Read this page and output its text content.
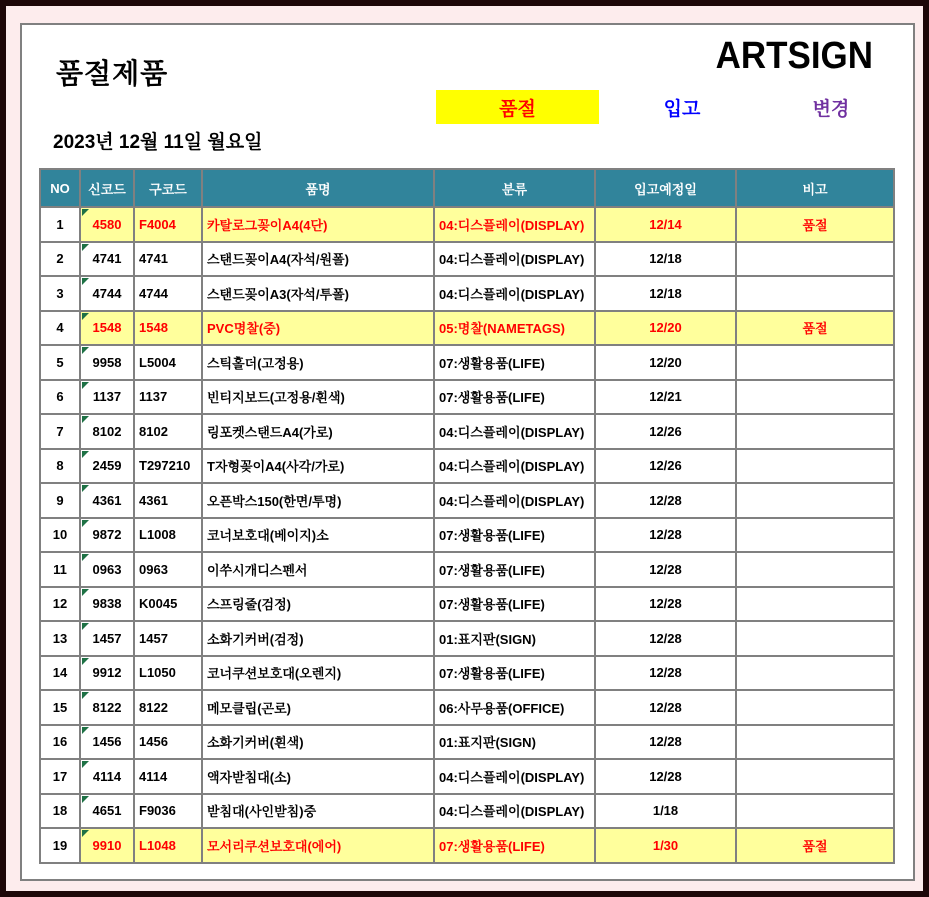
품절제품	ARTSIGN
품절	입고	변경
2023년 12월 11일 월요일
NO	신코드	구코드	품명	분류	입고예정일	비고
1	4580	F4004	카탈로그꽂이A4(4단)	04:디스플레이(DISPLAY)	12/14	품절
2	4741	4741	스탠드꽂이A4(자석/원폴)	04:디스플레이(DISPLAY)	12/18	
3	4744	4744	스탠드꽂이A3(자석/투폴)	04:디스플레이(DISPLAY)	12/18	
4	1548	1548	PVC명찰(중)	05:명찰(NAMETAGS)	12/20	품절
5	9958	L5004	스틱홀더(고정용)	07:생활용품(LIFE)	12/20	
6	1137	1137	빈티지보드(고정용/흰색)	07:생활용품(LIFE)	12/21	
7	8102	8102	링포켓스탠드A4(가로)	04:디스플레이(DISPLAY)	12/26	
8	2459	T297210	T자형꽂이A4(사각/가로)	04:디스플레이(DISPLAY)	12/26	
9	4361	4361	오픈박스150(한면/투명)	04:디스플레이(DISPLAY)	12/28	
10	9872	L1008	코너보호대(베이지)소	07:생활용품(LIFE)	12/28	
11	0963	0963	이쑤시개디스펜서	07:생활용품(LIFE)	12/28	
12	9838	K0045	스프링줄(검정)	07:생활용품(LIFE)	12/28	
13	1457	1457	소화기커버(검정)	01:표지판(SIGN)	12/28	
14	9912	L1050	코너쿠션보호대(오렌지)	07:생활용품(LIFE)	12/28	
15	8122	8122	메모클립(곤로)	06:사무용품(OFFICE)	12/28	
16	1456	1456	소화기커버(흰색)	01:표지판(SIGN)	12/28	
17	4114	4114	액자받침대(소)	04:디스플레이(DISPLAY)	12/28	
18	4651	F9036	받침대(사인받침)중	04:디스플레이(DISPLAY)	1/18	
19	9910	L1048	모서리쿠션보호대(에어)	07:생활용품(LIFE)	1/30	품절
